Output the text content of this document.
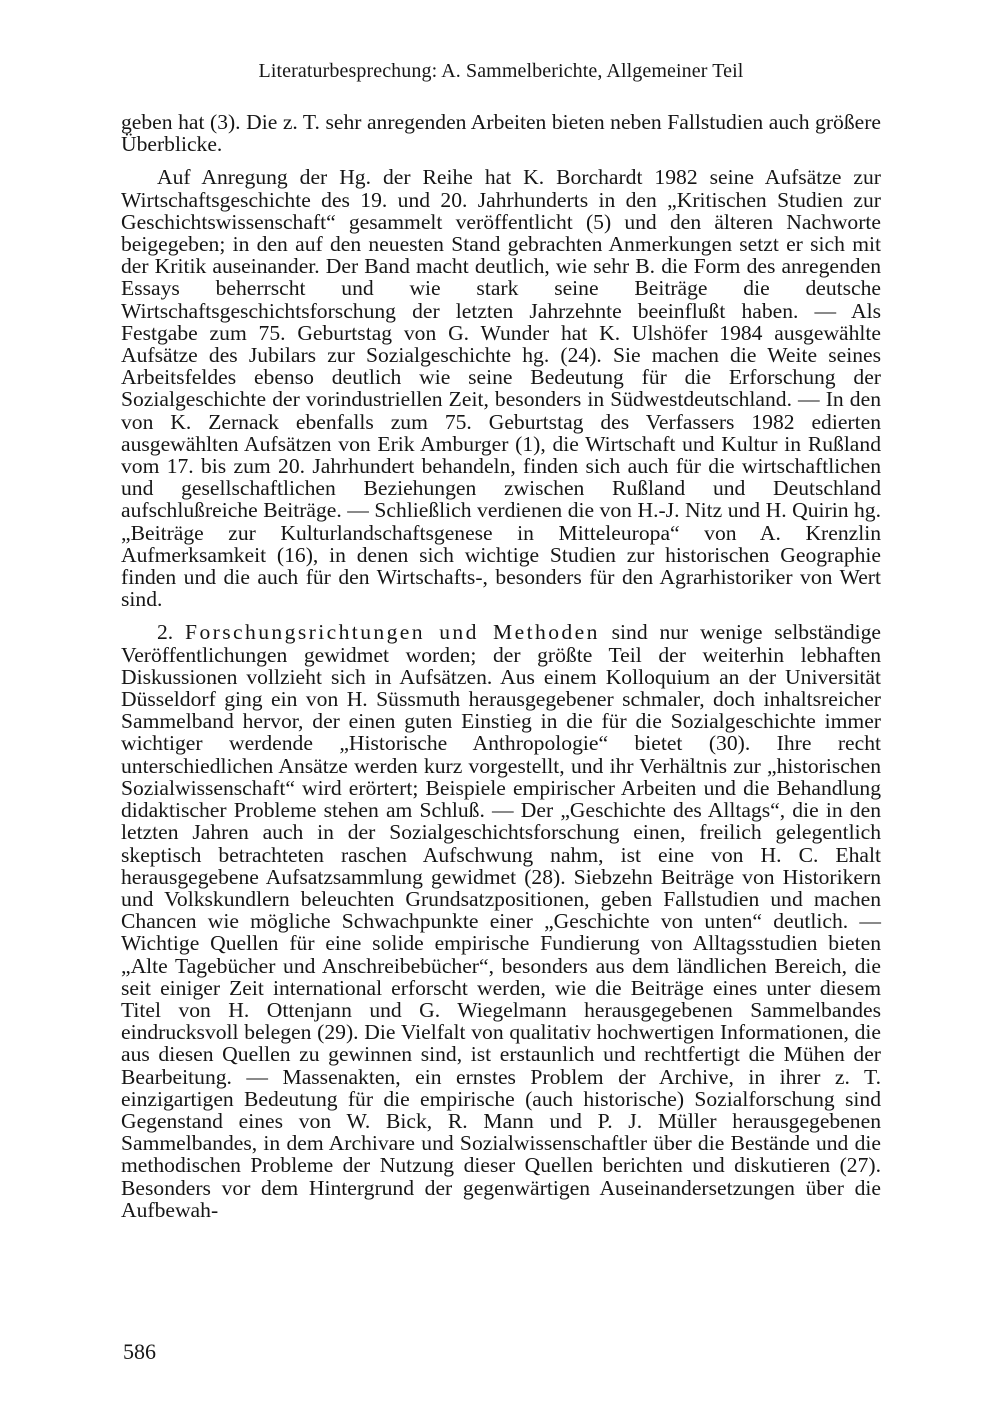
Literaturbesprechung: A. Sammelberichte, Allgemeiner Teil

geben hat (3). Die z. T. sehr anregenden Arbeiten bieten neben Fallstudien auch größere Überblicke.

Auf Anregung der Hg. der Reihe hat K. Borchardt 1982 seine Aufsätze zur Wirtschaftsgeschichte des 19. und 20. Jahrhunderts in den „Kritischen Studien zur Geschichtswissenschaft“ gesammelt veröffentlicht (5) und den älteren Nachworte beigegeben; in den auf den neuesten Stand gebrachten Anmerkungen setzt er sich mit der Kritik auseinander. Der Band macht deutlich, wie sehr B. die Form des anregenden Essays beherrscht und wie stark seine Beiträge die deutsche Wirtschaftsgeschichtsforschung der letzten Jahrzehnte beeinflußt haben. — Als Festgabe zum 75. Geburtstag von G. Wunder hat K. Ulshöfer 1984 ausgewählte Aufsätze des Jubilars zur Sozialgeschichte hg. (24). Sie machen die Weite seines Arbeitsfeldes ebenso deutlich wie seine Bedeutung für die Erforschung der Sozialgeschichte der vorindustriellen Zeit, besonders in Südwestdeutschland. — In den von K. Zernack ebenfalls zum 75. Geburtstag des Verfassers 1982 edierten ausgewählten Aufsätzen von Erik Amburger (1), die Wirtschaft und Kultur in Rußland vom 17. bis zum 20. Jahrhundert behandeln, finden sich auch für die wirtschaftlichen und gesellschaftlichen Beziehungen zwischen Rußland und Deutschland aufschlußreiche Beiträge. — Schließlich verdienen die von H.-J. Nitz und H. Quirin hg. „Beiträge zur Kulturlandschaftsgenese in Mitteleuropa“ von A. Krenzlin Aufmerksamkeit (16), in denen sich wichtige Studien zur historischen Geographie finden und die auch für den Wirtschafts-, besonders für den Agrarhistoriker von Wert sind.

2. Forschungsrichtungen und Methoden sind nur wenige selbständige Veröffentlichungen gewidmet worden; der größte Teil der weiterhin lebhaften Diskussionen vollzieht sich in Aufsätzen. Aus einem Kolloquium an der Universität Düsseldorf ging ein von H. Süssmuth herausgegebener schmaler, doch inhaltsreicher Sammelband hervor, der einen guten Einstieg in die für die Sozialgeschichte immer wichtiger werdende „Historische Anthropologie“ bietet (30). Ihre recht unterschiedlichen Ansätze werden kurz vorgestellt, und ihr Verhältnis zur „historischen Sozialwissenschaft“ wird erörtert; Beispiele empirischer Arbeiten und die Behandlung didaktischer Probleme stehen am Schluß. — Der „Geschichte des Alltags“, die in den letzten Jahren auch in der Sozialgeschichtsforschung einen, freilich gelegentlich skeptisch betrachteten raschen Aufschwung nahm, ist eine von H. C. Ehalt herausgegebene Aufsatzsammlung gewidmet (28). Siebzehn Beiträge von Historikern und Volkskundlern beleuchten Grundsatzpositionen, geben Fallstudien und machen Chancen wie mögliche Schwachpunkte einer „Geschichte von unten“ deutlich. — Wichtige Quellen für eine solide empirische Fundierung von Alltagsstudien bieten „Alte Tagebücher und Anschreibebücher“, besonders aus dem ländlichen Bereich, die seit einiger Zeit international erforscht werden, wie die Beiträge eines unter diesem Titel von H. Ottenjann und G. Wiegelmann herausgegebenen Sammelbandes eindrucksvoll belegen (29). Die Vielfalt von qualitativ hochwertigen Informationen, die aus diesen Quellen zu gewinnen sind, ist erstaunlich und rechtfertigt die Mühen der Bearbeitung. — Massenakten, ein ernstes Problem der Archive, in ihrer z. T. einzigartigen Bedeutung für die empirische (auch historische) Sozialforschung sind Gegenstand eines von W. Bick, R. Mann und P. J. Müller herausgegebenen Sammelbandes, in dem Archivare und Sozialwissenschaftler über die Bestände und die methodischen Probleme der Nutzung dieser Quellen berichten und diskutieren (27). Besonders vor dem Hintergrund der gegenwärtigen Auseinandersetzungen über die Aufbewah-

586
